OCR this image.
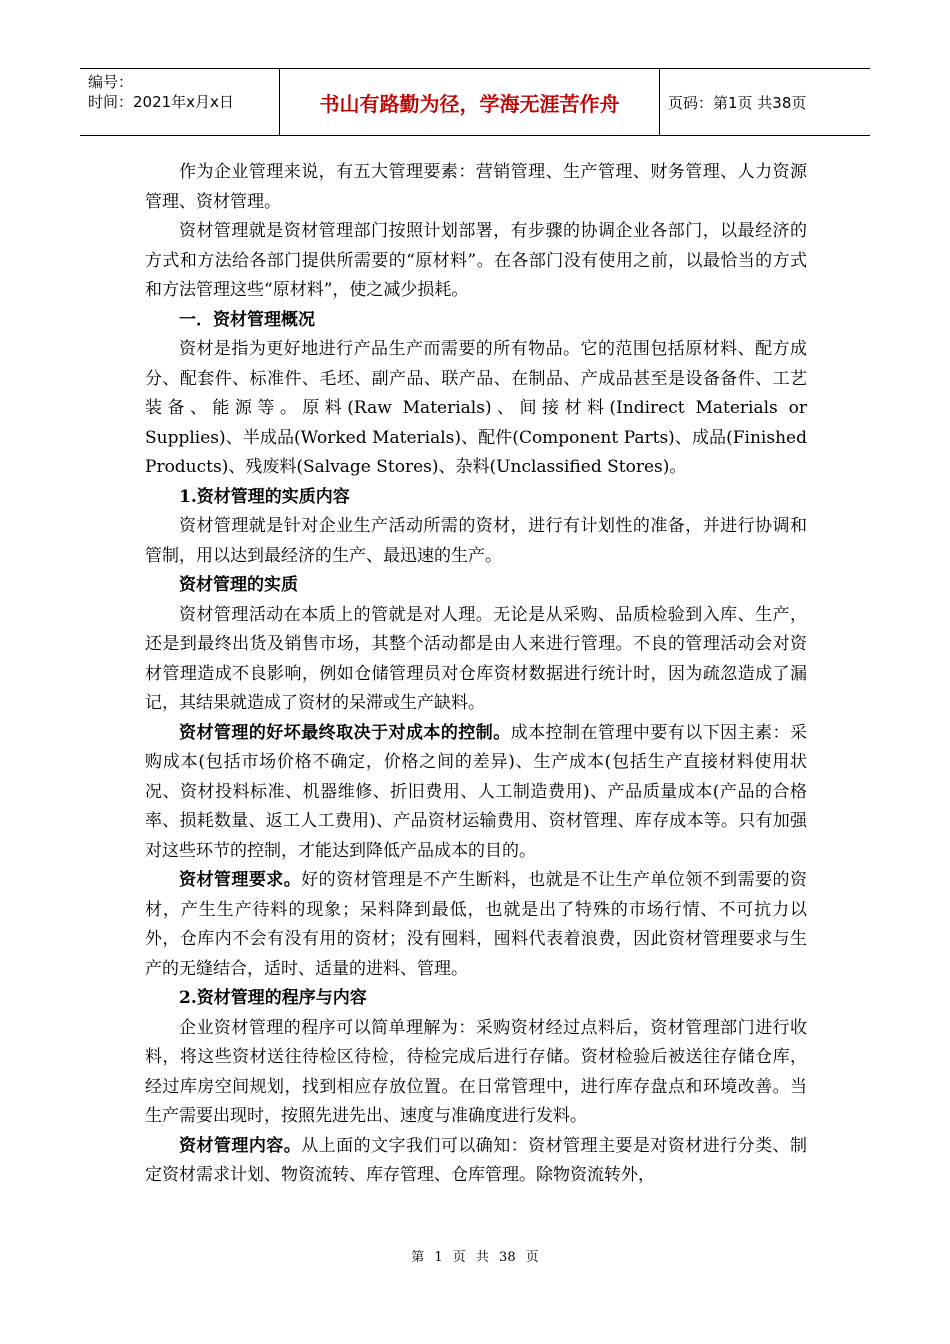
编号：
时间：2021年x月x日	书山有路勤为径，学海无涯苦作舟	页码：第1页 共38页

作为企业管理来说，有五大管理要素：营销管理、生产管理、财务管理、人力资源管理、资材管理。

资材管理就是资材管理部门按照计划部署，有步骤的协调企业各部门，以最经济的方式和方法给各部门提供所需要的“原材料”。在各部门没有使用之前，以最恰当的方式和方法管理这些“原材料”，使之减少损耗。

一．资材管理概况

资材是指为更好地进行产品生产而需要的所有物品。它的范围包括原材料、配方成分、配套件、标准件、毛坯、副产品、联产品、在制品、产成品甚至是设备备件、工艺装备、能源等。原料(Raw Materials)、间接材料(Indirect Materials or Supplies)、半成品(Worked Materials)、配件(Component Parts)、成品(Finished Products)、残废料(Salvage Stores)、杂料(Unclassified Stores)。

1.资材管理的实质内容

资材管理就是针对企业生产活动所需的资材，进行有计划性的准备，并进行协调和管制，用以达到最经济的生产、最迅速的生产。

资材管理的实质

资材管理活动在本质上的管就是对人理。无论是从采购、品质检验到入库、生产，还是到最终出货及销售市场，其整个活动都是由人来进行管理。不良的管理活动会对资材管理造成不良影响，例如仓储管理员对仓库资材数据进行统计时，因为疏忽造成了漏记，其结果就造成了资材的呆滞或生产缺料。

资材管理的好坏最终取决于对成本的控制。成本控制在管理中要有以下因主素：采购成本(包括市场价格不确定，价格之间的差异)、生产成本(包括生产直接材料使用状况、资材投料标准、机器维修、折旧费用、人工制造费用)、产品质量成本(产品的合格率、损耗数量、返工人工费用)、产品资材运输费用、资材管理、库存成本等。只有加强对这些环节的控制，才能达到降低产品成本的目的。

资材管理要求。好的资材管理是不产生断料，也就是不让生产单位领不到需要的资材，产生生产待料的现象；呆料降到最低，也就是出了特殊的市场行情、不可抗力以外，仓库内不会有没有用的资材；没有囤料，囤料代表着浪费，因此资材管理要求与生产的无缝结合，适时、适量的进料、管理。

2.资材管理的程序与内容

企业资材管理的程序可以简单理解为：采购资材经过点料后，资材管理部门进行收料，将这些资材送往待检区待检，待检完成后进行存储。资材检验后被送往存储仓库，经过库房空间规划，找到相应存放位置。在日常管理中，进行库存盘点和环境改善。当生产需要出现时，按照先进先出、速度与准确度进行发料。

资材管理内容。从上面的文字我们可以确知：资材管理主要是对资材进行分类、制定资材需求计划、物资流转、库存管理、仓库管理。除物资流转外，

第 1 页 共 38 页
